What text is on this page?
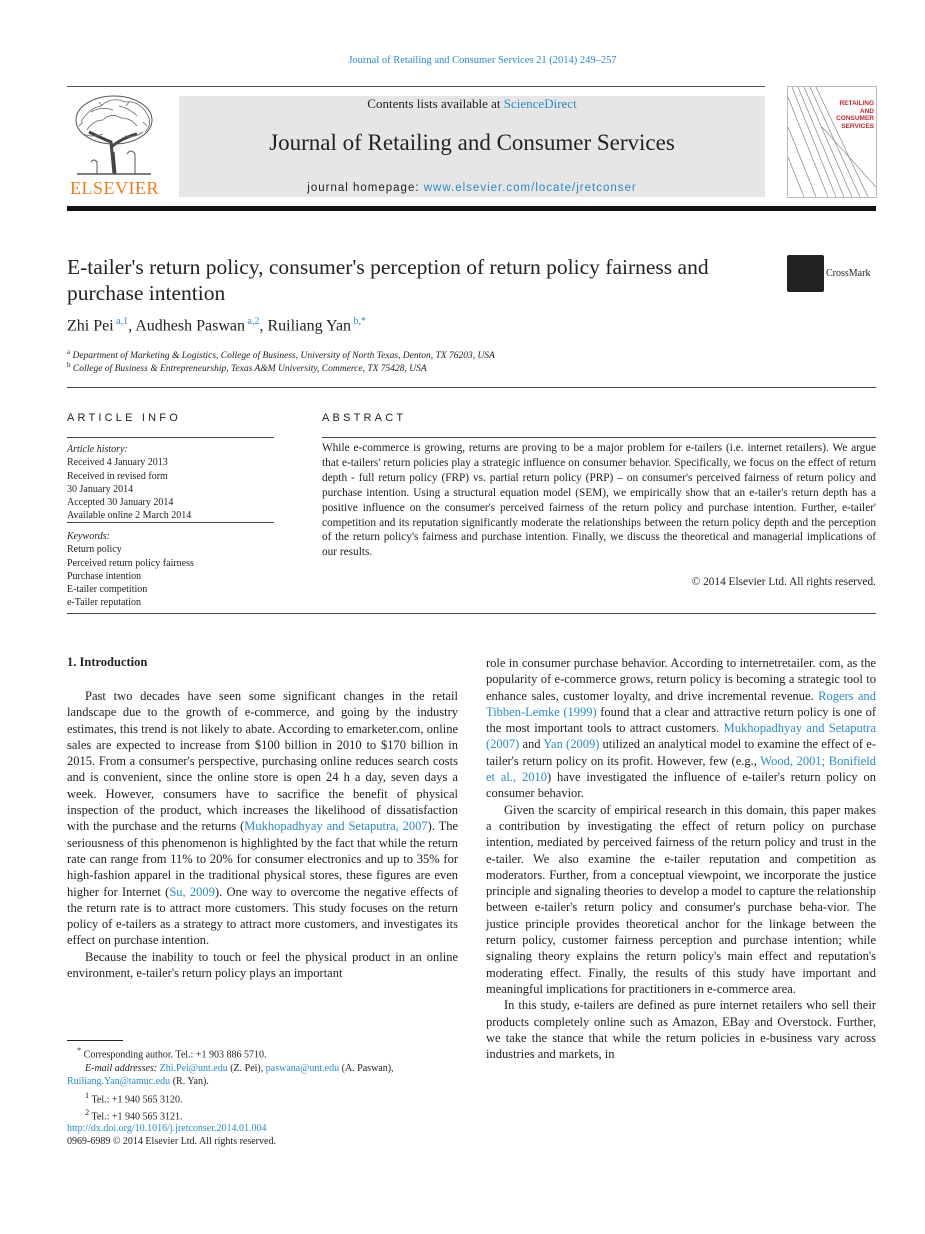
Journal of Retailing and Consumer Services 21 (2014) 249–257
ELSEVIER
Contents lists available at ScienceDirect
Journal of Retailing and Consumer Services
journal homepage: www.elsevier.com/locate/jretconser
RETAILING
AND
CONSUMER
SERVICES
E-tailer's return policy, consumer's perception of return policy fairness and purchase intention
CrossMark
Zhi Pei $^{a,1}$, Audhesh Paswan $^{a,2}$, Ruiliang Yan $^{b,*}$
$^a$ Department of Marketing & Logistics, College of Business, University of North Texas, Denton, TX 76203, USA
$^b$ College of Business & Entrepreneurship, Texas A&M University, Commerce, TX 75428, USA
ARTICLE INFO
Article history:
Received 4 January 2013
Received in revised form
30 January 2014
Accepted 30 January 2014
Available online 2 March 2014
Keywords:
Return policy
Perceived return policy fairness
Purchase intention
E-tailer competition
e-Tailer reputation
ABSTRACT
While e-commerce is growing, returns are proving to be a major problem for e-tailers (i.e. internet retailers). We argue that e-tailers' return policies play a strategic influence on consumer behavior. Specifically, we focus on the effect of return depth - full return policy (FRP) vs. partial return policy (PRP) – on consumer's perceived fairness of return policy and purchase intention. Using a structural equation model (SEM), we empirically show that an e-tailer's return depth has a positive influence on the consumer's perceived fairness of the return policy and purchase intention. Further, e-tailer' competition and its reputation significantly moderate the relationships between the return policy depth and the perception of the return policy's fairness and purchase intention. Finally, we discuss the theoretical and managerial implications of our results.
© 2014 Elsevier Ltd. All rights reserved.
1. Introduction

Past two decades have seen some significant changes in the retail landscape due to the growth of e-commerce, and going by the industry estimates, this trend is not likely to abate. According to emarketer.com, online sales are expected to increase from $100 billion in 2010 to $170 billion in 2015. From a consumer's perspective, purchasing online reduces search costs and is convenient, since the online store is open 24 h a day, seven days a week. However, consumers have to sacrifice the benefit of physical inspection of the product, which increases the likelihood of dissatisfaction with the purchase and the returns (Mukhopadhyay and Setaputra, 2007). The seriousness of this phenomenon is highlighted by the fact that while the return rate can range from 11% to 20% for consumer electronics and up to 35% for high-fashion apparel in the traditional physical stores, these figures are even higher for Internet (Su, 2009). One way to overcome the negative effects of the return rate is to attract more customers. This study focuses on the return policy of e-tailers as a strategy to attract more customers, and investigates its effect on purchase intention.

Because the inability to touch or feel the physical product in an online environment, e-tailer's return policy plays an important

role in consumer purchase behavior. According to internetretailer. com, as the popularity of e-commerce grows, return policy is becoming a strategic tool to enhance sales, customer loyalty, and drive incremental revenue. Rogers and Tibben-Lemke (1999) found that a clear and attractive return policy is one of the most important tools to attract customers. Mukhopadhyay and Setaputra (2007) and Yan (2009) utilized an analytical model to examine the effect of e-tailer's return policy on its profit. However, few (e.g., Wood, 2001; Bonifield et al., 2010) have investigated the influence of e-tailer's return policy on consumer behavior.

Given the scarcity of empirical research in this domain, this paper makes a contribution by investigating the effect of return policy on purchase intention, mediated by perceived fairness of the return policy and trust in the e-tailer. We also examine the e-tailer reputation and competition as moderators. Further, from a conceptual viewpoint, we incorporate the justice principle and signaling theories to develop a model to capture the relationship between e-tailer's return policy and consumer's purchase beha-vior. The justice principle provides theoretical anchor for the linkage between the return policy, customer fairness perception and purchase intention; while signaling theory explains the return policy's main effect and reputation's moderating effect. Finally, the results of this study have important and meaningful implications for practitioners in e-commerce area.

In this study, e-tailers are defined as pure internet retailers who sell their products completely online such as Amazon, EBay and Overstock. Further, we take the stance that while the return policies in e-business vary across industries and markets, in

* Corresponding author. Tel.: +1 903 886 5710.
E-mail addresses: Zhi.Pei@unt.edu (Z. Pei), paswana@unt.edu (A. Paswan),
Ruiliang.Yan@tamuc.edu (R. Yan).
$^1$ Tel.: +1 940 565 3120.
$^2$ Tel.: +1 940 565 3121.
http://dx.doi.org/10.1016/j.jretconser.2014.01.004
0969-6989 © 2014 Elsevier Ltd. All rights reserved.
